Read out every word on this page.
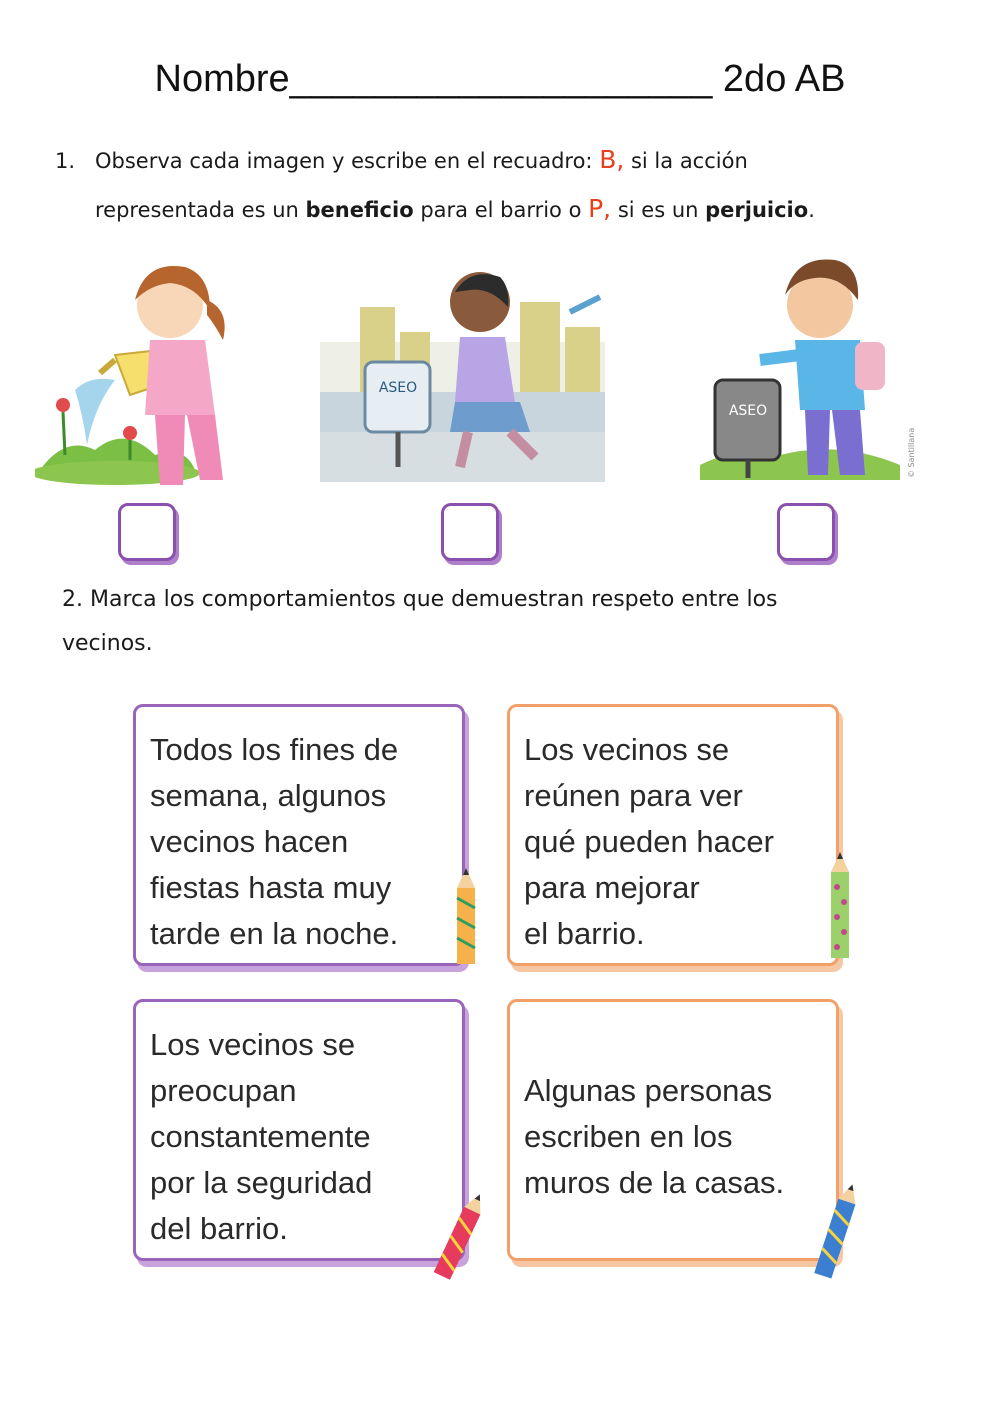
Nombre____________________ 2do AB
1. Observa cada imagen y escribe en el recuadro: B, si la acción
representada es un beneficio para el barrio o P, si es un perjuicio.
ASEO
ASEO
© Santillana
2. Marca los comportamientos que demuestran respeto entre los
vecinos.
Todos los fines de
semana, algunos
vecinos hacen
fiestas hasta muy
tarde en la noche.
Los vecinos se
reúnen para ver
qué pueden hacer
para mejorar
el barrio.
Los vecinos se
preocupan
constantemente
por la seguridad
del barrio.
Algunas personas
escriben en los
muros de la casas.
